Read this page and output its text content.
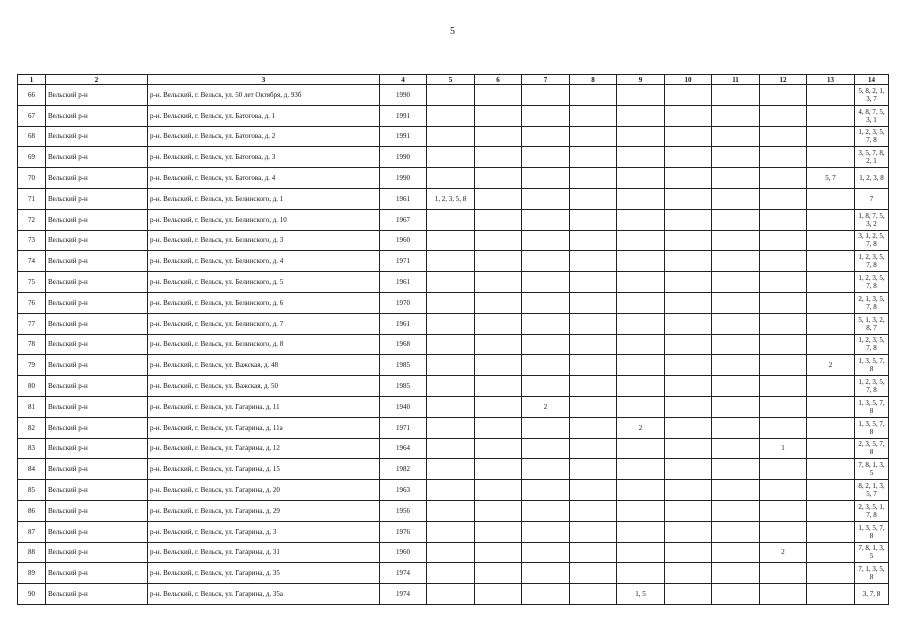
5
1	2	3	4	5	6	7	8	9	10	11	12	13	14
66	Вельский р-н	р-н. Вельский, г. Вельск, ул. 50 лет Октября, д. 93б	1990										5, 8, 2, 1, 3, 7
67	Вельский р-н	р-н. Вельский, г. Вельск, ул. Батогова, д. 1	1991										4, 8, 7, 5, 3, 1
68	Вельский р-н	р-н. Вельский, г. Вельск, ул. Батогова, д. 2	1991										1, 2, 3, 5, 7, 8
69	Вельский р-н	р-н. Вельский, г. Вельск, ул. Батогова, д. 3	1990										3, 5, 7, 8, 2, 1
70	Вельский р-н	р-н. Вельский, г. Вельск, ул. Батогова, д. 4	1990									5, 7	1, 2, 3, 8
71	Вельский р-н	р-н. Вельский, г. Вельск, ул. Белинского, д. 1	1961	1, 2, 3, 5, 8									7
72	Вельский р-н	р-н. Вельский, г. Вельск, ул. Белинского, д. 10	1967										1, 8, 7, 5, 3, 2
73	Вельский р-н	р-н. Вельский, г. Вельск, ул. Белинского, д. 3	1960										3, 1, 2, 5, 7, 8
74	Вельский р-н	р-н. Вельский, г. Вельск, ул. Белинского, д. 4	1971										1, 2, 3, 5, 7, 8
75	Вельский р-н	р-н. Вельский, г. Вельск, ул. Белинского, д. 5	1961										1, 2, 3, 5, 7, 8
76	Вельский р-н	р-н. Вельский, г. Вельск, ул. Белинского, д. 6	1970										2, 1, 3, 5, 7, 8
77	Вельский р-н	р-н. Вельский, г. Вельск, ул. Белинского, д. 7	1961										5, 1, 3, 2, 8, 7
78	Вельский р-н	р-н. Вельский, г. Вельск, ул. Белинского, д. 8	1968										1, 2, 3, 5, 7, 8
79	Вельский р-н	р-н. Вельский, г. Вельск, ул. Важская, д. 48	1985									2	1, 3, 5, 7, 8
80	Вельский р-н	р-н. Вельский, г. Вельск, ул. Важская, д. 50	1985										1, 2, 3, 5, 7, 8
81	Вельский р-н	р-н. Вельский, г. Вельск, ул. Гагарина, д. 11	1940			2							1, 3, 5, 7, 8
82	Вельский р-н	р-н. Вельский, г. Вельск, ул. Гагарина, д. 11а	1971					2					1, 3, 5, 7, 8
83	Вельский р-н	р-н. Вельский, г. Вельск, ул. Гагарина, д. 12	1964								1		2, 3, 5, 7, 8
84	Вельский р-н	р-н. Вельский, г. Вельск, ул. Гагарина, д. 15	1982										7, 8, 1, 3, 5
85	Вельский р-н	р-н. Вельский, г. Вельск, ул. Гагарина, д. 20	1963										8, 2, 1, 3, 5, 7
86	Вельский р-н	р-н. Вельский, г. Вельск, ул. Гагарина, д. 29	1956										2, 3, 5, 1, 7, 8
87	Вельский р-н	р-н. Вельский, г. Вельск, ул. Гагарина, д. 3	1976										1, 3, 5, 7, 8
88	Вельский р-н	р-н. Вельский, г. Вельск, ул. Гагарина, д. 31	1960								2		7, 8, 1, 3, 5
89	Вельский р-н	р-н. Вельский, г. Вельск, ул. Гагарина, д. 35	1974										7, 1, 3, 5, 8
90	Вельский р-н	р-н. Вельский, г. Вельск, ул. Гагарина, д. 35а	1974					1, 5					3, 7, 8
